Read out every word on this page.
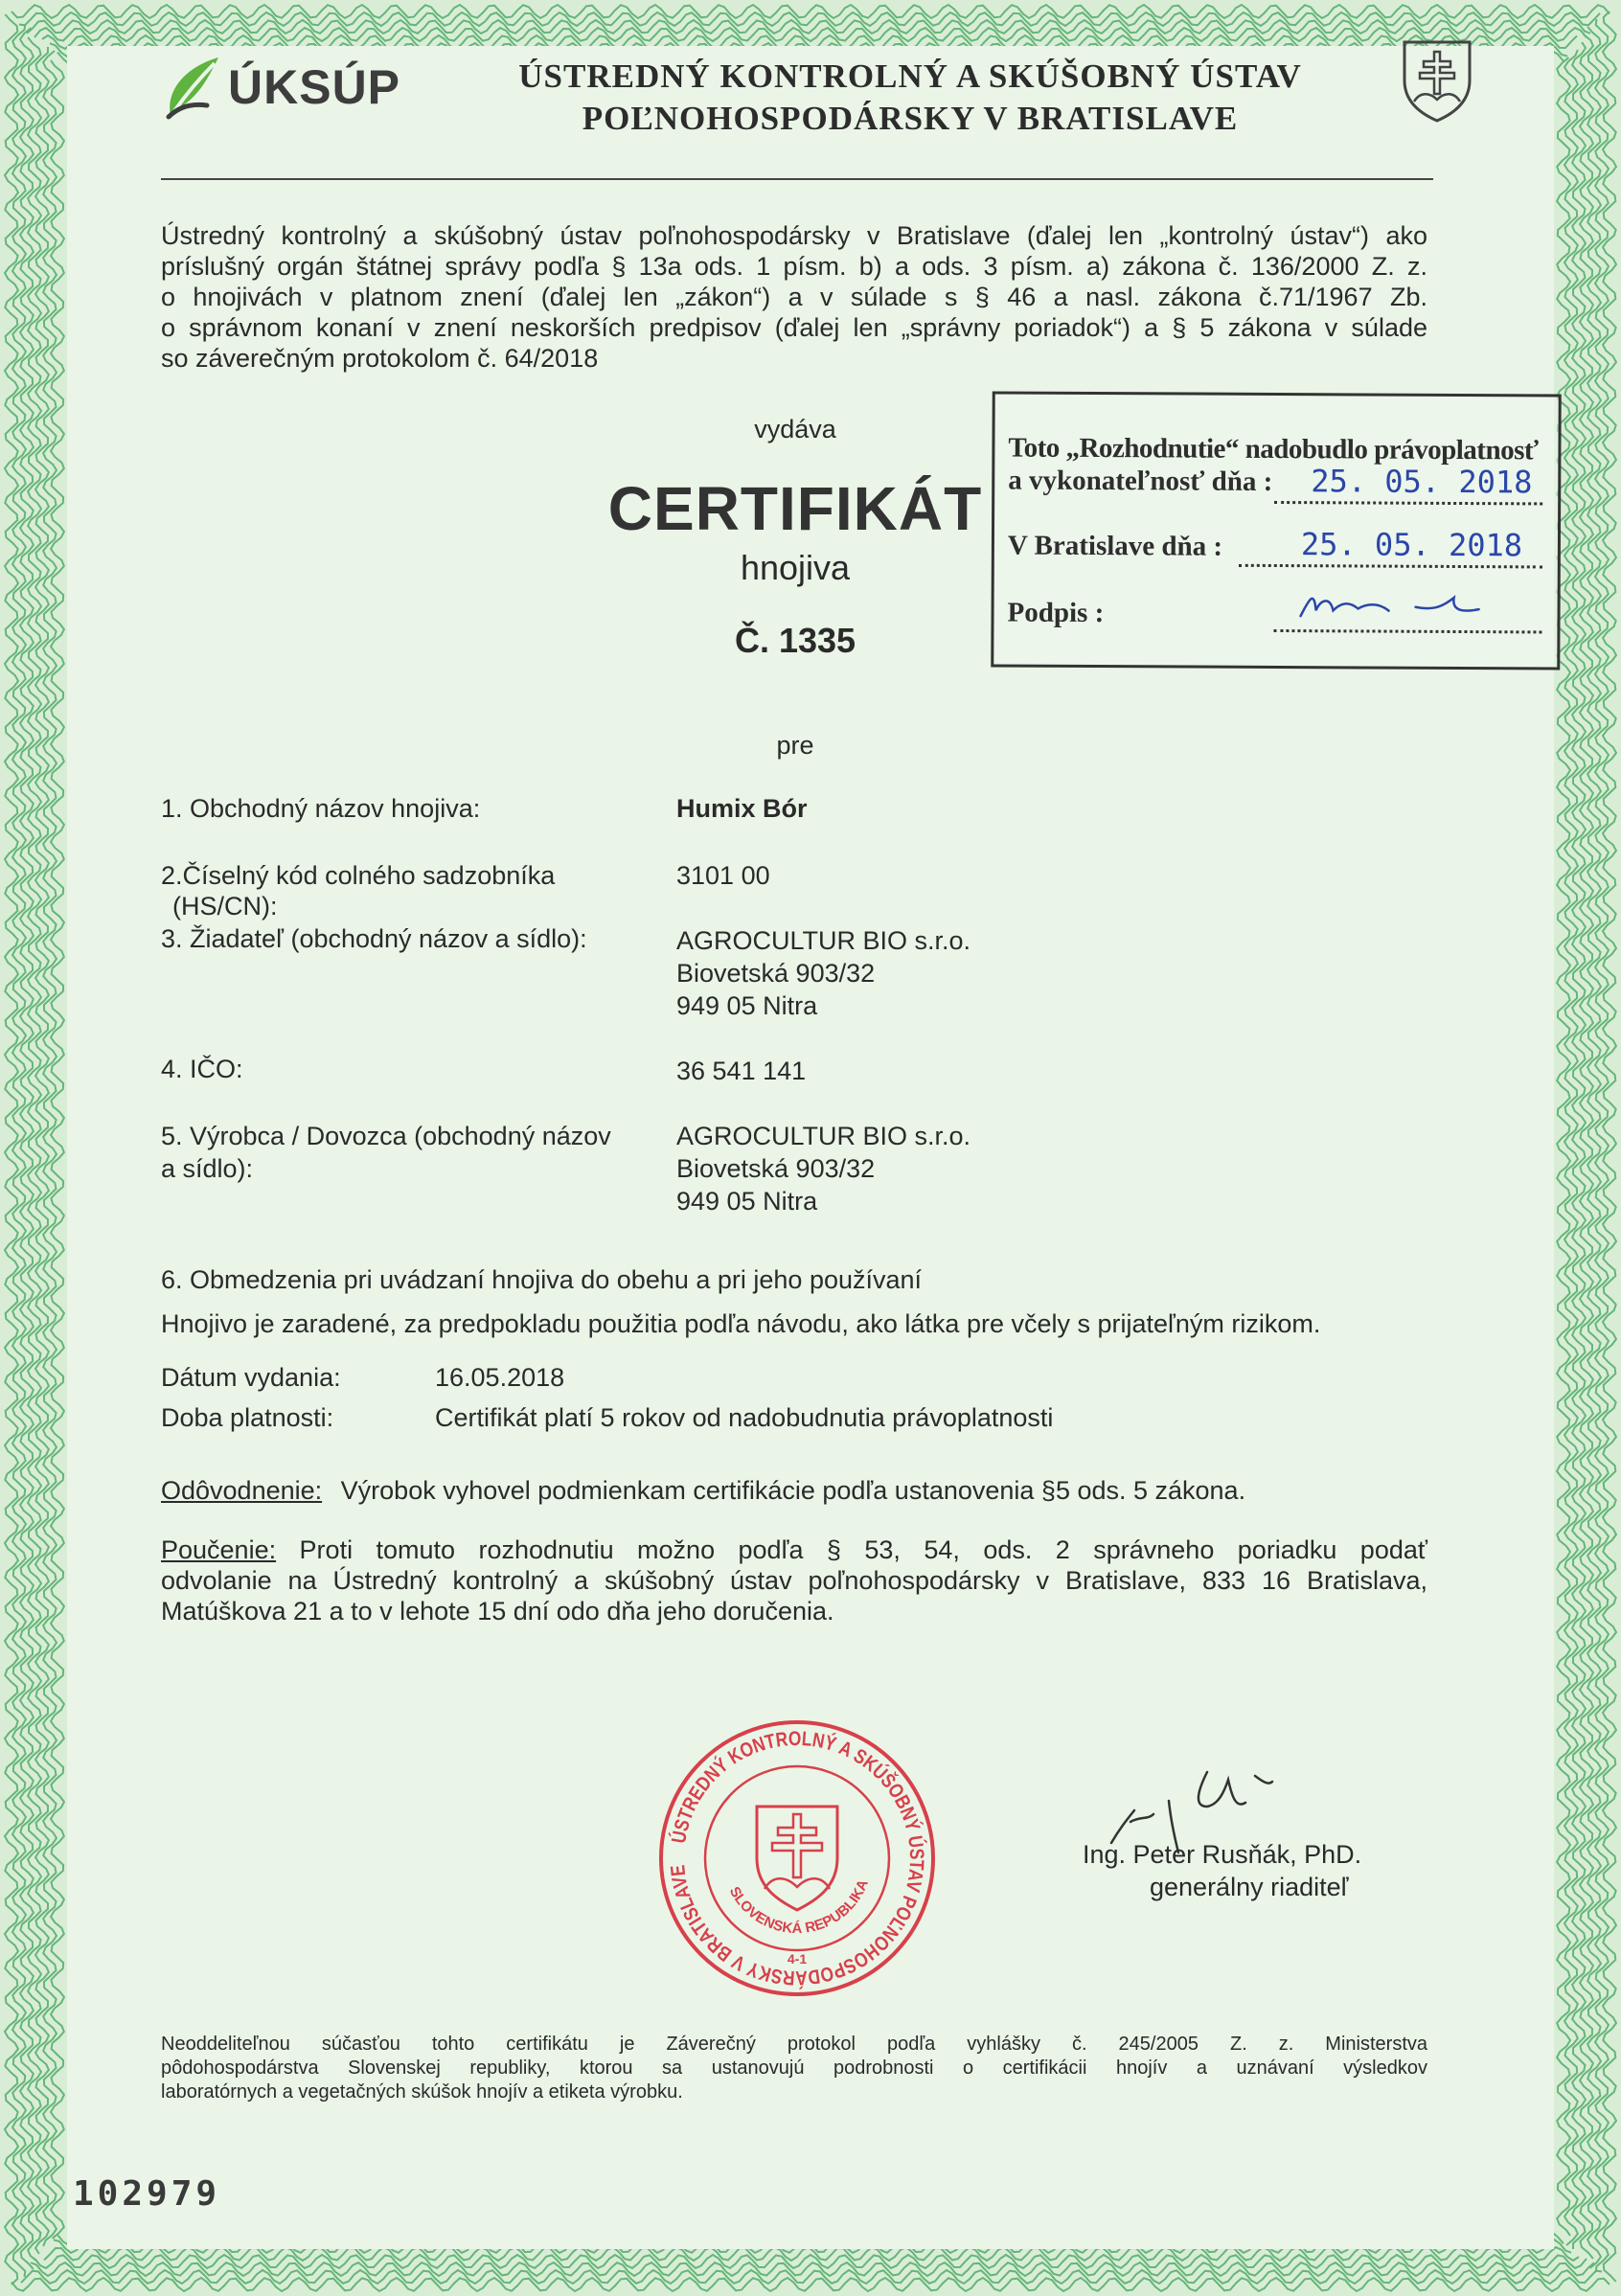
ÚKSÚP	ÚSTREDNÝ KONTROLNÝ A SKÚŠOBNÝ ÚSTAV
POĽNOHOSPODÁRSKY V BRATISLAVE
Ústredný kontrolný a skúšobný ústav poľnohospodársky v Bratislave (ďalej len „kontrolný ústav“) ako
príslušný orgán štátnej správy podľa § 13a ods. 1 písm. b) a ods. 3 písm. a) zákona č. 136/2000 Z. z.
o hnojivách v platnom znení (ďalej len „zákon“) a v súlade s § 46 a nasl. zákona č.71/1967 Zb.
o správnom konaní v znení neskorších predpisov (ďalej len „správny poriadok“) a § 5 zákona v súlade
so záverečným protokolom č. 64/2018
vydáva
CERTIFIKÁT
hnojiva
Č. 1335
Toto „Rozhodnutie“ nadobudlo právoplatnosť
a vykonateľnosť dňa : 25. 05. 2018
V Bratislave dňa :	25. 05. 2018
Podpis :
pre
1. Obchodný názov hnojiva:	Humix Bór
2.Číselný kód colného sadzobníka
(HS/CN):
3101 00
3. Žiadateľ (obchodný názov a sídlo):	AGROCULTUR BIO s.r.o.
Biovetská 903/32
949 05 Nitra
4. IČO:	36 541 141
5. Výrobca / Dovozca (obchodný názov
a sídlo):
AGROCULTUR BIO s.r.o.
Biovetská 903/32
949 05 Nitra
6. Obmedzenia pri uvádzaní hnojiva do obehu a pri jeho používaní
Hnojivo je zaradené, za predpokladu použitia podľa návodu, ako látka pre včely s prijateľným rizikom.
Dátum vydania:	16.05.2018
Doba platnosti:	Certifikát platí 5 rokov od nadobudnutia právoplatnosti
Odôvodnenie: Výrobok vyhovel podmienkam certifikácie podľa ustanovenia §5 ods. 5 zákona.
Poučenie: Proti tomuto rozhodnutiu možno podľa § 53, 54, ods. 2 správneho poriadku podať
odvolanie na Ústredný kontrolný a skúšobný ústav poľnohospodársky v Bratislave, 833 16 Bratislava,
Matúškova 21 a to v lehote 15 dní odo dňa jeho doručenia.
ÚSTREDNÝ KONTROLNÝ A SKÚŠOBNÝ ÚSTAV POĽNOHOSPODÁRSKY V BRATISLAVE
SLOVENSKÁ REPUBLIKA
4-1
Ing. Peter Rusňák, PhD.
generálny riaditeľ
Neoddeliteľnou súčasťou tohto certifikátu je Záverečný protokol podľa vyhlášky č. 245/2005 Z. z. Ministerstva
pôdohospodárstva Slovenskej republiky, ktorou sa ustanovujú podrobnosti o certifikácii hnojív a uznávaní výsledkov
laboratórnych a vegetačných skúšok hnojív a etiketa výrobku.
102979
